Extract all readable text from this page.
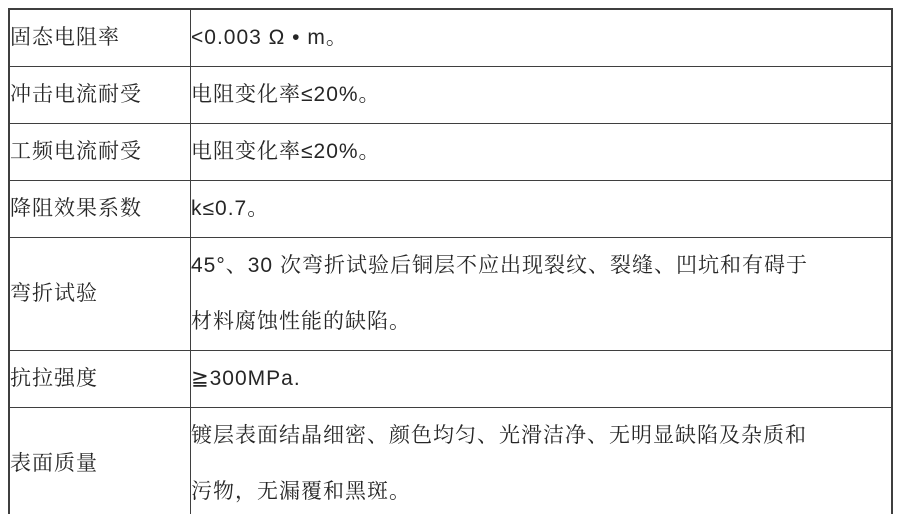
固态电阻率	<0.003 Ω • m。

冲击电流耐受	电阻变化率≤20%。

工频电流耐受	电阻变化率≤20%。

降阻效果系数	k≤0.7。

弯折试验	45°、30 次弯折试验后铜层不应出现裂纹、裂缝、凹坑和有碍于
材料腐蚀性能的缺陷。

抗拉强度	≧300MPa.

表面质量	镀层表面结晶细密、颜色均匀、光滑洁净、无明显缺陷及杂质和
污物，无漏覆和黑斑。
